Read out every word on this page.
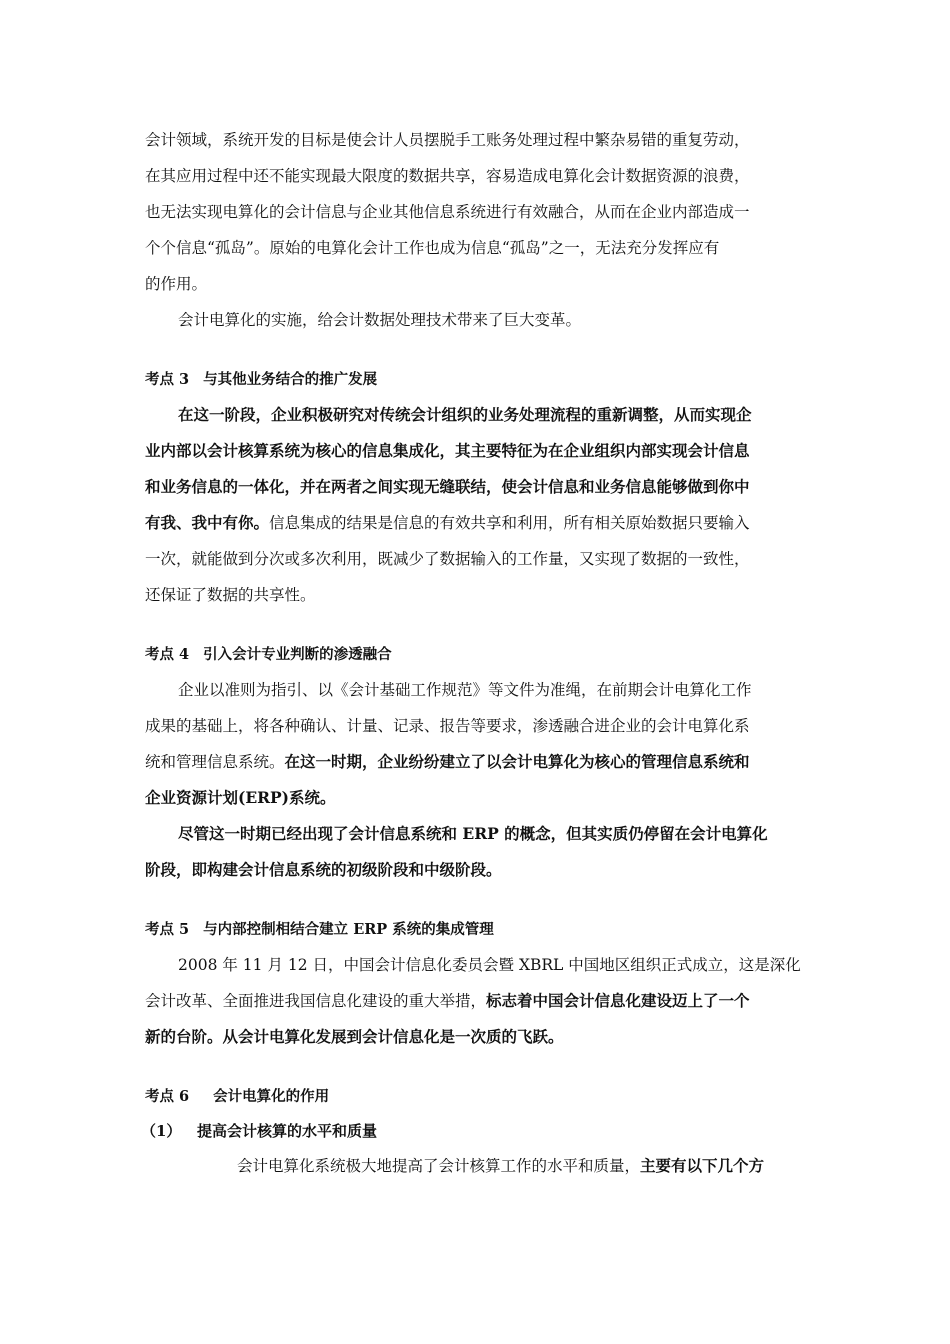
会计领域，系统开发的目标是使会计人员摆脱手工账务处理过程中繁杂易错的重复劳动，
在其应用过程中还不能实现最大限度的数据共享，容易造成电算化会计数据资源的浪费，
也无法实现电算化的会计信息与企业其他信息系统进行有效融合，从而在企业内部造成一
个个信息“孤岛”。原始的电算化会计工作也成为信息“孤岛”之一，无法充分发挥应有
的作用。
会计电算化的实施，给会计数据处理技术带来了巨大变革。
考点 3 与其他业务结合的推广发展
在这一阶段，企业积极研究对传统会计组织的业务处理流程的重新调整，从而实现企
业内部以会计核算系统为核心的信息集成化，其主要特征为在企业组织内部实现会计信息
和业务信息的一体化，并在两者之间实现无缝联结，使会计信息和业务信息能够做到你中
有我、我中有你。信息集成的结果是信息的有效共享和利用，所有相关原始数据只要输入
一次，就能做到分次或多次利用，既减少了数据输入的工作量，又实现了数据的一致性，
还保证了数据的共享性。
考点 4 引入会计专业判断的渗透融合
企业以准则为指引、以《会计基础工作规范》等文件为准绳，在前期会计电算化工作
成果的基础上，将各种确认、计量、记录、报告等要求，渗透融合进企业的会计电算化系
统和管理信息系统。在这一时期，企业纷纷建立了以会计电算化为核心的管理信息系统和
企业资源计划(ERP)系统。
尽管这一时期已经出现了会计信息系统和 ERP 的概念，但其实质仍停留在会计电算化
阶段，即构建会计信息系统的初级阶段和中级阶段。
考点 5 与内部控制相结合建立 ERP 系统的集成管理
2008 年 11 月 12 日，中国会计信息化委员会暨 XBRL 中国地区组织正式成立，这是深化
会计改革、全面推进我国信息化建设的重大举措，标志着中国会计信息化建设迈上了一个
新的台阶。从会计电算化发展到会计信息化是一次质的飞跃。
考点 6 会计电算化的作用
（1） 提高会计核算的水平和质量
会计电算化系统极大地提高了会计核算工作的水平和质量，主要有以下几个方
